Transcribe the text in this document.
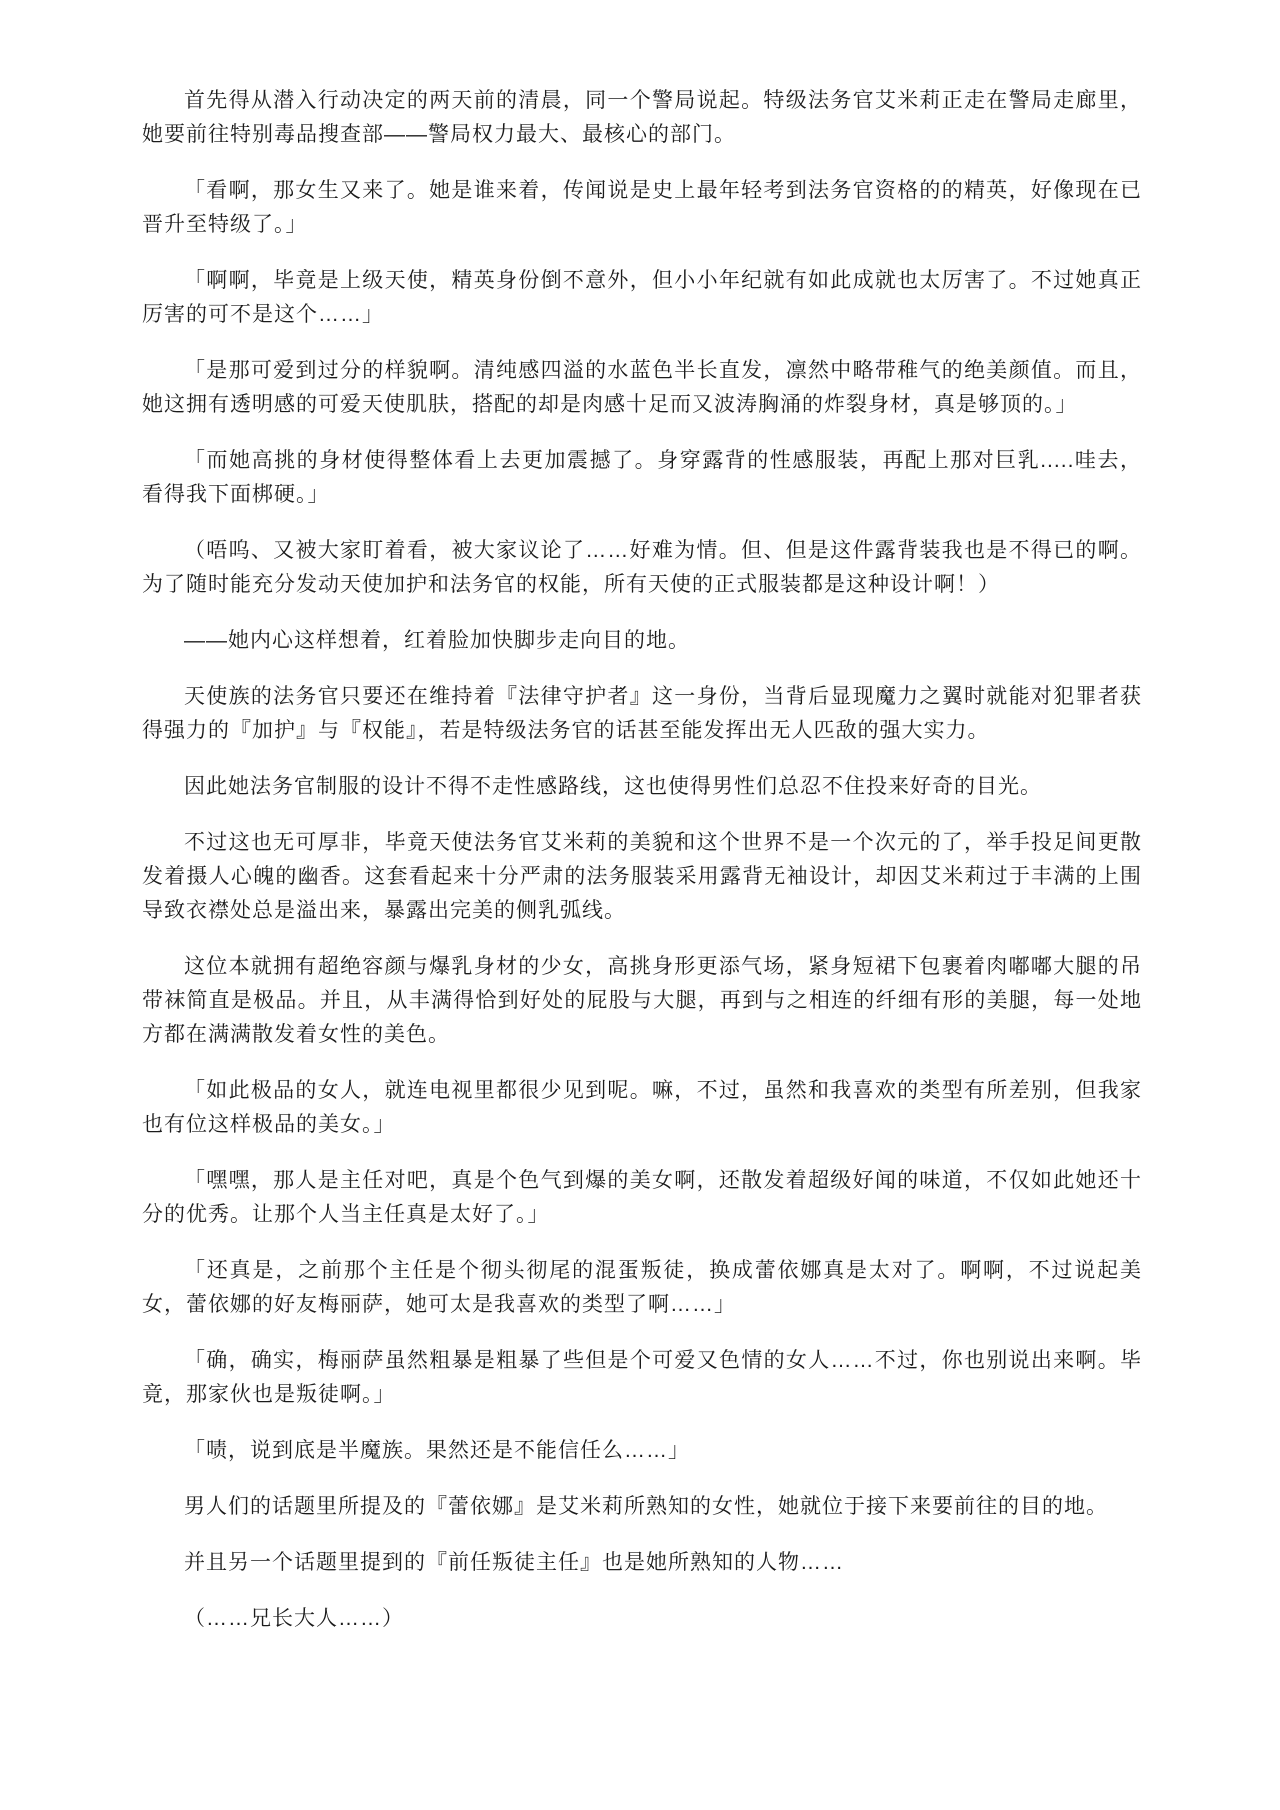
首先得从潜入行动决定的两天前的清晨，同一个警局说起。特级法务官艾米莉正走在警局走廊里，她要前往特别毒品搜查部——警局权力最大、最核心的部门。

「看啊，那女生又来了。她是谁来着，传闻说是史上最年轻考到法务官资格的的精英，好像现在已晋升至特级了。」

「啊啊，毕竟是上级天使，精英身份倒不意外，但小小年纪就有如此成就也太厉害了。不过她真正厉害的可不是这个……」

「是那可爱到过分的样貌啊。清纯感四溢的水蓝色半长直发，凛然中略带稚气的绝美颜值。而且，她这拥有透明感的可爱天使肌肤，搭配的却是肉感十足而又波涛胸涌的炸裂身材，真是够顶的。」

「而她高挑的身材使得整体看上去更加震撼了。身穿露背的性感服装，再配上那对巨乳.....哇去，看得我下面梆硬。」

（唔呜、又被大家盯着看，被大家议论了……好难为情。但、但是这件露背装我也是不得已的啊。为了随时能充分发动天使加护和法务官的权能，所有天使的正式服装都是这种设计啊！）

——她内心这样想着，红着脸加快脚步走向目的地。

天使族的法务官只要还在维持着『法律守护者』这一身份，当背后显现魔力之翼时就能对犯罪者获得强力的『加护』与『权能』，若是特级法务官的话甚至能发挥出无人匹敌的强大实力。

因此她法务官制服的设计不得不走性感路线，这也使得男性们总忍不住投来好奇的目光。

不过这也无可厚非，毕竟天使法务官艾米莉的美貌和这个世界不是一个次元的了，举手投足间更散发着摄人心魄的幽香。这套看起来十分严肃的法务服装采用露背无袖设计，却因艾米莉过于丰满的上围导致衣襟处总是溢出来，暴露出完美的侧乳弧线。

这位本就拥有超绝容颜与爆乳身材的少女，高挑身形更添气场，紧身短裙下包裹着肉嘟嘟大腿的吊带袜简直是极品。并且，从丰满得恰到好处的屁股与大腿，再到与之相连的纤细有形的美腿，每一处地方都在满满散发着女性的美色。

「如此极品的女人，就连电视里都很少见到呢。嘛，不过，虽然和我喜欢的类型有所差别，但我家也有位这样极品的美女。」

「嘿嘿，那人是主任对吧，真是个色气到爆的美女啊，还散发着超级好闻的味道，不仅如此她还十分的优秀。让那个人当主任真是太好了。」

「还真是，之前那个主任是个彻头彻尾的混蛋叛徒，换成蕾依娜真是太对了。啊啊，不过说起美女，蕾依娜的好友梅丽萨，她可太是我喜欢的类型了啊……」

「确，确实，梅丽萨虽然粗暴是粗暴了些但是个可爱又色情的女人……不过，你也别说出来啊。毕竟，那家伙也是叛徒啊。」

「啧，说到底是半魔族。果然还是不能信任么……」

男人们的话题里所提及的『蕾依娜』是艾米莉所熟知的女性，她就位于接下来要前往的目的地。

并且另一个话题里提到的『前任叛徒主任』也是她所熟知的人物……

（……兄长大人……）
